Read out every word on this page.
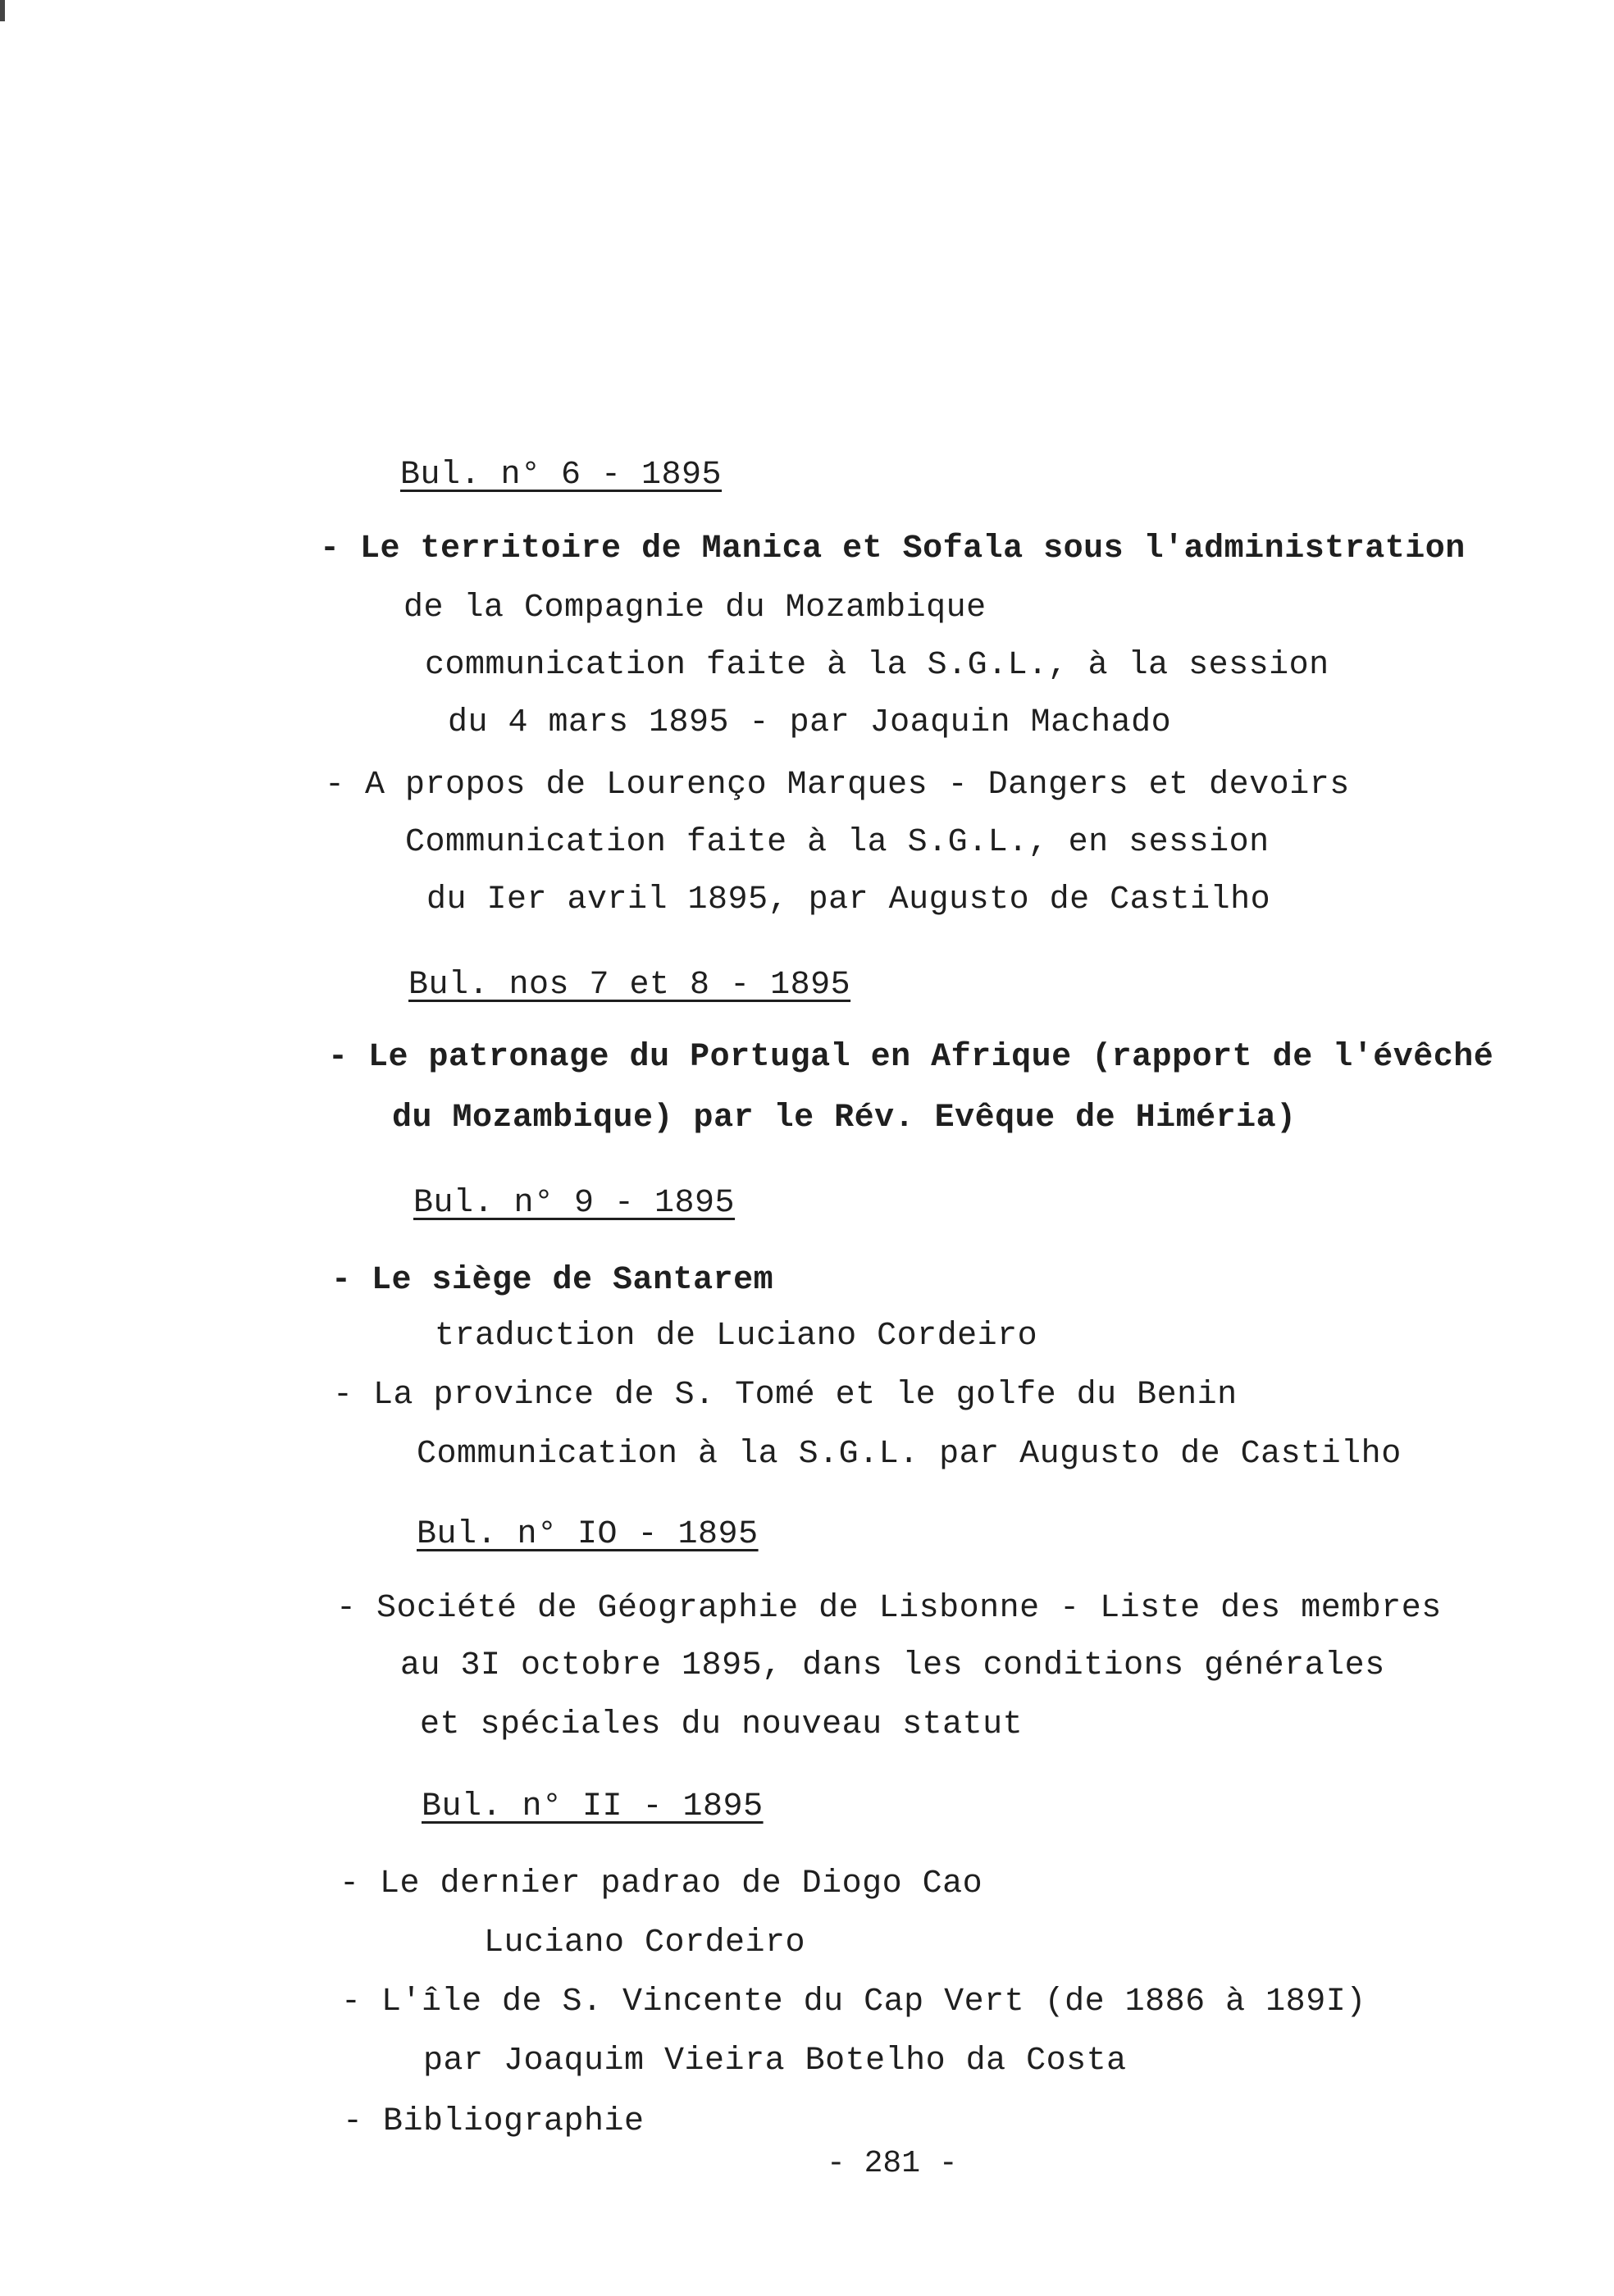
Bul. n° 6 - 1895
- Le territoire de Manica et Sofala sous l'administration
de la Compagnie du Mozambique
communication faite à la S.G.L., à la session
du 4 mars 1895 - par Joaquin Machado
- A propos de Lourenço Marques - Dangers et devoirs
Communication faite à la S.G.L., en session
du Ier avril 1895, par Augusto de Castilho
Bul. nos 7 et 8 - 1895
- Le patronage du Portugal en Afrique (rapport de l'évêché
du Mozambique) par le Rév. Evêque de Himéria)
Bul. n° 9 - 1895
- Le siège de Santarem
traduction de Luciano Cordeiro
- La province de S. Tomé et le golfe du Benin
Communication à la S.G.L. par Augusto de Castilho
Bul. n° IO - 1895
- Société de Géographie de Lisbonne - Liste des membres
au 3I octobre 1895, dans les conditions générales
et spéciales du nouveau statut
Bul. n° II - 1895
- Le dernier padrao de Diogo Cao
Luciano Cordeiro
- L'île de S. Vincente du Cap Vert (de 1886 à 189I)
par Joaquim Vieira Botelho da Costa
- Bibliographie
- 281 -
